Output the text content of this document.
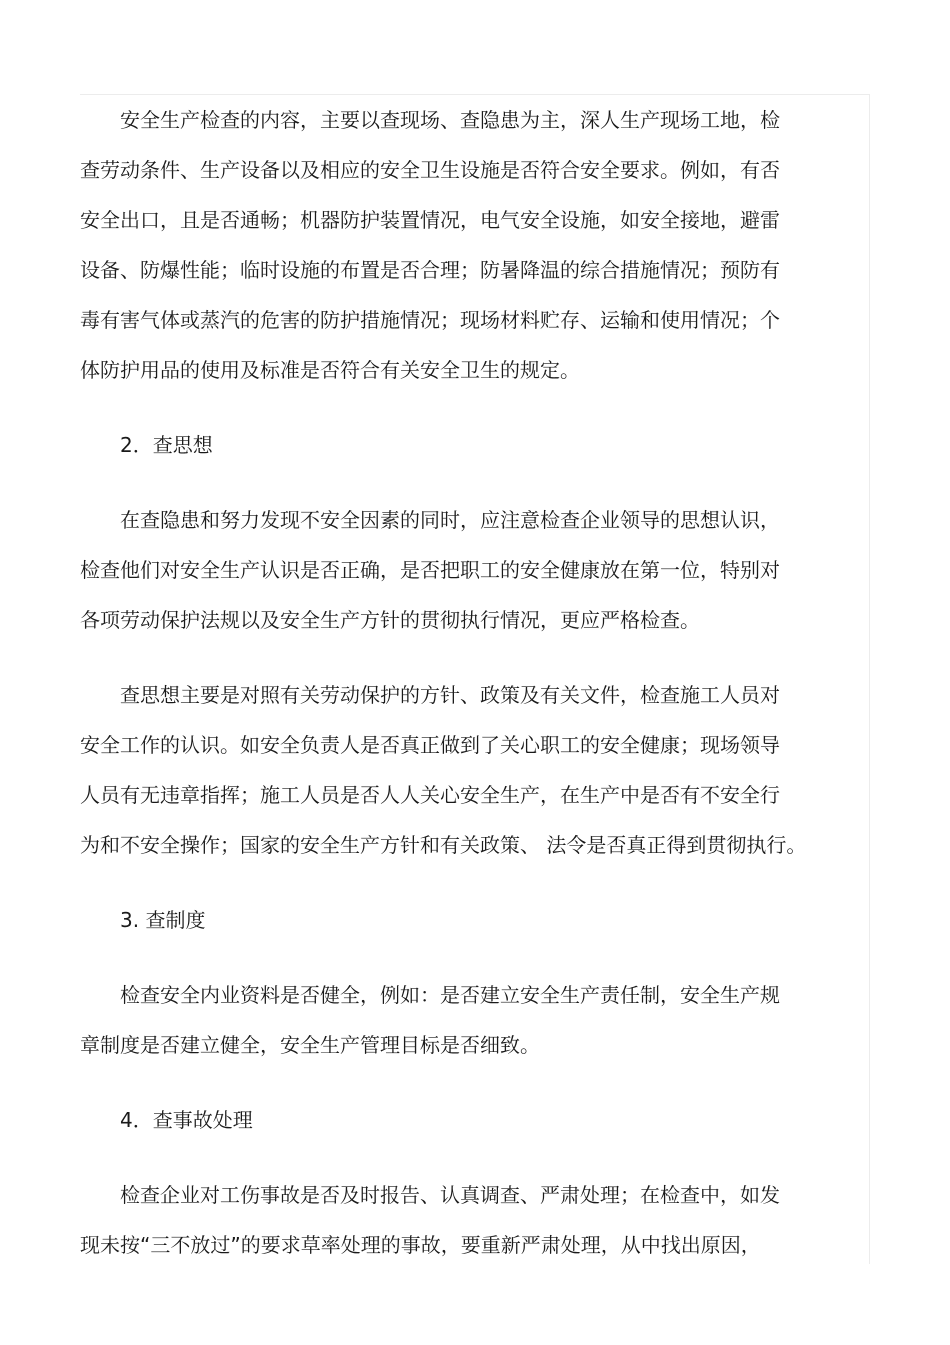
安全生产检查的内容，主要以查现场、查隐患为主，深人生产现场工地，检
查劳动条件、生产设备以及相应的安全卫生设施是否符合安全要求。例如，有否
安全出口，且是否通畅；机器防护装置情况，电气安全设施，如安全接地，避雷
设备、防爆性能；临时设施的布置是否合理；防暑降温的综合措施情况；预防有
毒有害气体或蒸汽的危害的防护措施情况；现场材料贮存、运输和使用情况；个
体防护用品的使用及标准是否符合有关安全卫生的规定。
2．查思想
在查隐患和努力发现不安全因素的同时，应注意检查企业领导的思想认识，
检查他们对安全生产认识是否正确，是否把职工的安全健康放在第一位，特别对
各项劳动保护法规以及安全生产方针的贯彻执行情况，更应严格检查。
查思想主要是对照有关劳动保护的方针、政策及有关文件，检查施工人员对
安全工作的认识。如安全负责人是否真正做到了关心职工的安全健康；现场领导
人员有无违章指挥；施工人员是否人人关心安全生产，在生产中是否有不安全行
为和不安全操作；国家的安全生产方针和有关政策、 法令是否真正得到贯彻执行。
3. 查制度
检查安全内业资料是否健全，例如：是否建立安全生产责任制，安全生产规
章制度是否建立健全，安全生产管理目标是否细致。
4．查事故处理
检查企业对工伤事故是否及时报告、认真调查、严肃处理；在检查中，如发
现未按“三不放过”的要求草率处理的事故，要重新严肃处理，从中找出原因，
